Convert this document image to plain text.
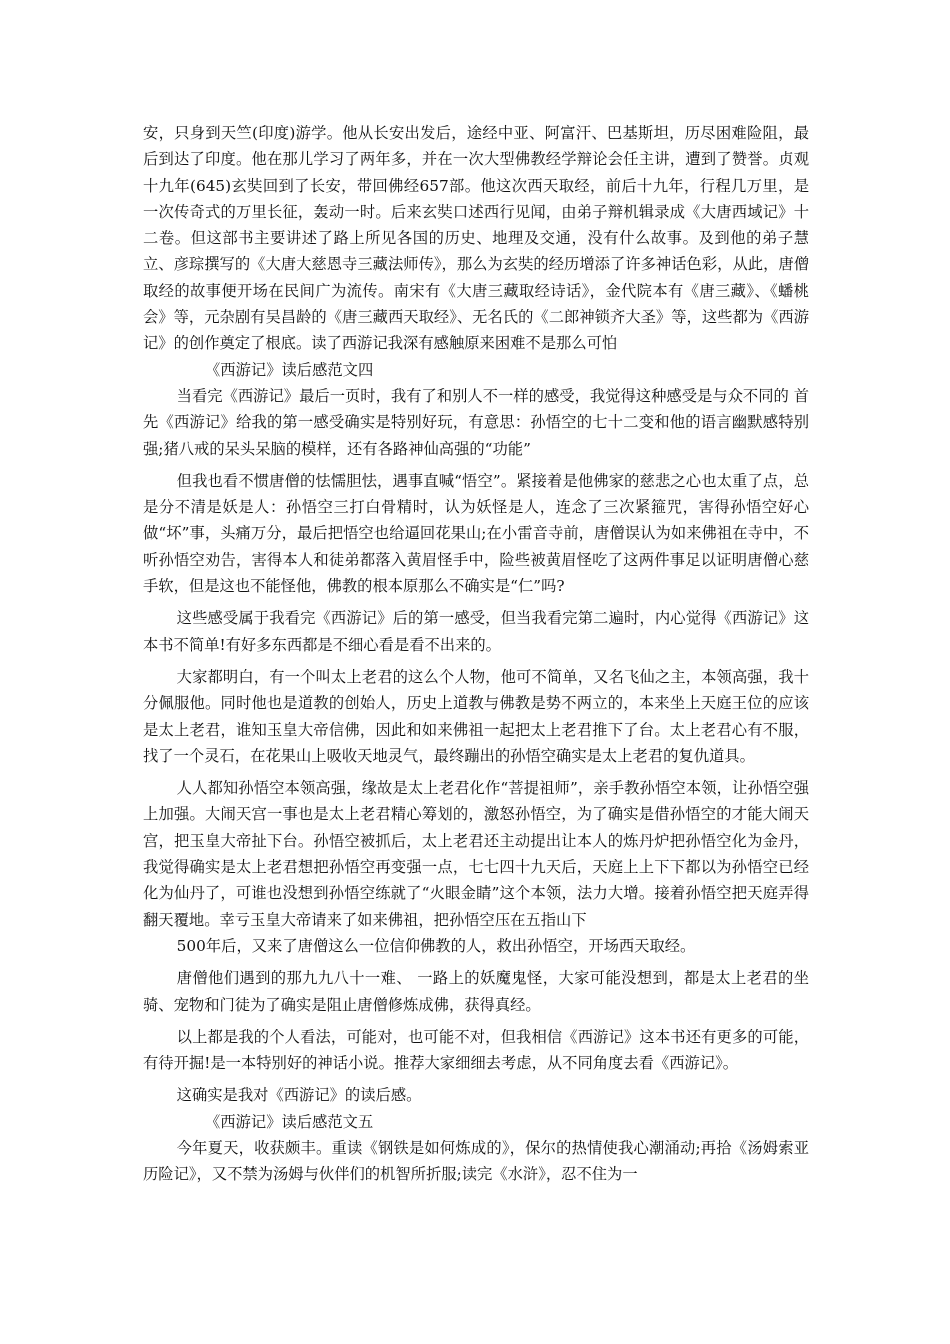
安，只身到天竺(印度)游学。他从长安出发后，途经中亚、阿富汗、巴基斯坦，历尽困难险阻，最后到达了印度。他在那儿学习了两年多，并在一次大型佛教经学辩论会任主讲，遭到了赞誉。贞观十九年(645)玄奘回到了长安，带回佛经657部。他这次西天取经，前后十九年，行程几万里，是一次传奇式的万里长征，轰动一时。后来玄奘口述西行见闻，由弟子辩机辑录成《大唐西域记》十二卷。但这部书主要讲述了路上所见各国的历史、地理及交通，没有什么故事。及到他的弟子慧立、彦琮撰写的《大唐大慈恩寺三藏法师传》，那么为玄奘的经历增添了许多神话色彩，从此，唐僧取经的故事便开场在民间广为流传。南宋有《大唐三藏取经诗话》，金代院本有《唐三藏》、《蟠桃会》等，元杂剧有吴昌龄的《唐三藏西天取经》、无名氏的《二郎神锁齐大圣》等，这些都为《西游记》的创作奠定了根底。读了西游记我深有感触原来困难不是那么可怕

《西游记》读后感范文四

当看完《西游记》最后一页时，我有了和别人不一样的感受，我觉得这种感受是与众不同的 首先《西游记》给我的第一感受确实是特别好玩，有意思：孙悟空的七十二变和他的语言幽默感特别强;猪八戒的呆头呆脑的模样，还有各路神仙高强的“功能”

但我也看不惯唐僧的怯懦胆怯，遇事直喊“悟空”。紧接着是他佛家的慈悲之心也太重了点，总是分不清是妖是人：孙悟空三打白骨精时，认为妖怪是人，连念了三次紧箍咒，害得孙悟空好心做“坏”事，头痛万分，最后把悟空也给逼回花果山;在小雷音寺前，唐僧误认为如来佛祖在寺中，不听孙悟空劝告，害得本人和徒弟都落入黄眉怪手中，险些被黄眉怪吃了这两件事足以证明唐僧心慈手软，但是这也不能怪他，佛教的根本原那么不确实是“仁”吗?

这些感受属于我看完《西游记》后的第一感受，但当我看完第二遍时，内心觉得《西游记》这本书不简单!有好多东西都是不细心看是看不出来的。

大家都明白，有一个叫太上老君的这么个人物，他可不简单，又名飞仙之主，本领高强，我十分佩服他。同时他也是道教的创始人，历史上道教与佛教是势不两立的，本来坐上天庭王位的应该是太上老君，谁知玉皇大帝信佛，因此和如来佛祖一起把太上老君推下了台。太上老君心有不服，找了一个灵石，在花果山上吸收天地灵气，最终蹦出的孙悟空确实是太上老君的复仇道具。

人人都知孙悟空本领高强，缘故是太上老君化作“菩提祖师”，亲手教孙悟空本领，让孙悟空强上加强。大闹天宫一事也是太上老君精心筹划的，激怒孙悟空，为了确实是借孙悟空的才能大闹天宫，把玉皇大帝扯下台。孙悟空被抓后，太上老君还主动提出让本人的炼丹炉把孙悟空化为金丹，我觉得确实是太上老君想把孙悟空再变强一点，七七四十九天后，天庭上上下下都以为孙悟空已经化为仙丹了，可谁也没想到孙悟空练就了“火眼金睛”这个本领，法力大增。接着孙悟空把天庭弄得翻天覆地。幸亏玉皇大帝请来了如来佛祖，把孙悟空压在五指山下

500年后，又来了唐僧这么一位信仰佛教的人，救出孙悟空，开场西天取经。

唐僧他们遇到的那九九八十一难、 一路上的妖魔鬼怪，大家可能没想到，都是太上老君的坐骑、宠物和门徒为了确实是阻止唐僧修炼成佛，获得真经。

以上都是我的个人看法，可能对，也可能不对，但我相信《西游记》这本书还有更多的可能，有待开掘!是一本特别好的神话小说。推荐大家细细去考虑，从不同角度去看《西游记》。

这确实是我对《西游记》的读后感。

《西游记》读后感范文五

今年夏天，收获颇丰。重读《钢铁是如何炼成的》，保尔的热情使我心潮涌动;再拾《汤姆索亚历险记》，又不禁为汤姆与伙伴们的机智所折服;读完《水浒》，忍不住为一
